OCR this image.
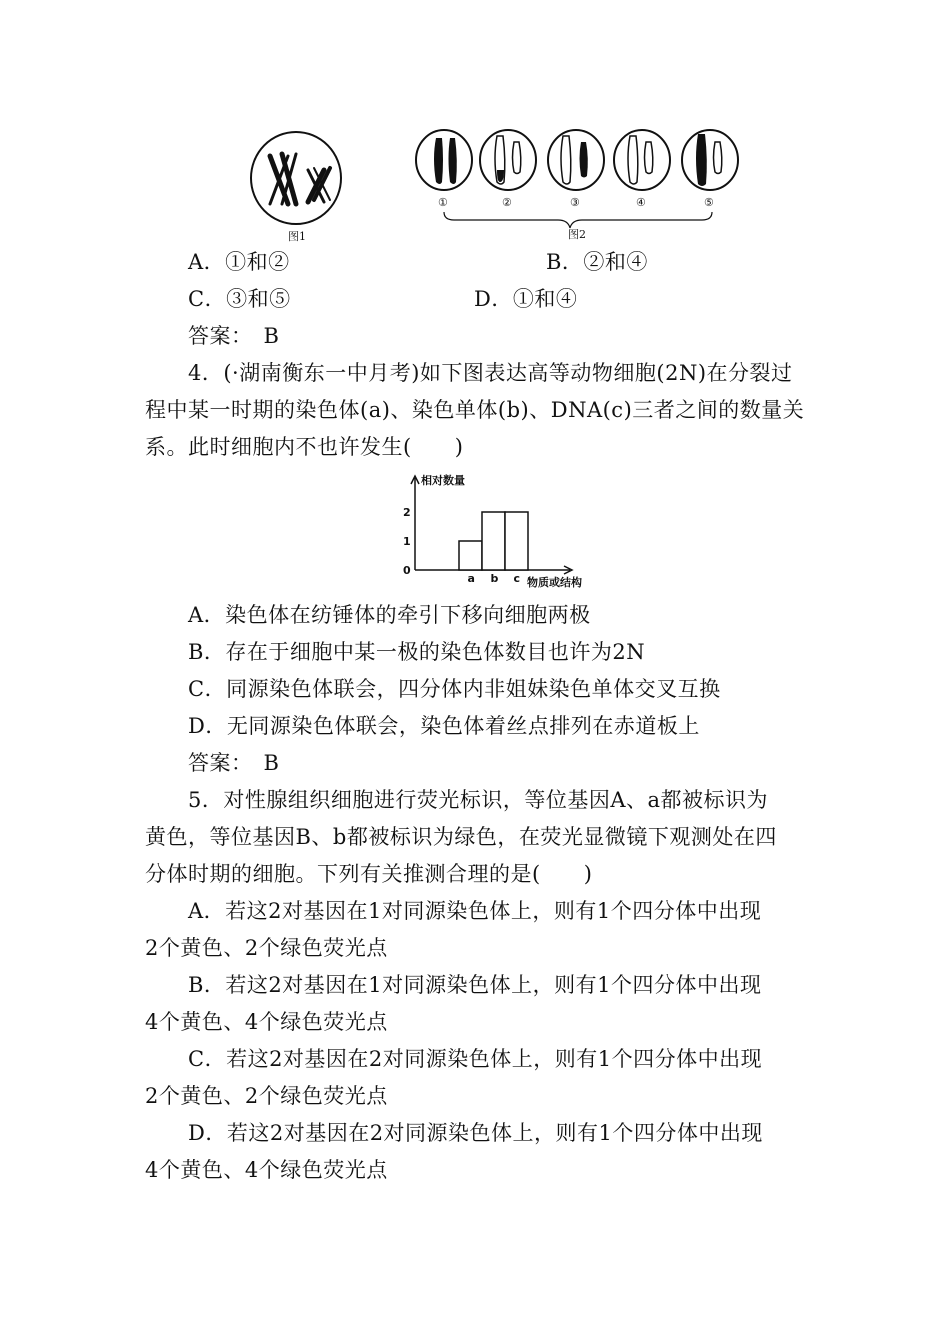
图1
①	②	③	④	⑤
图2
A．①和②	B．②和④
C．③和⑤	D．①和④
答案：　B
4．(·湖南衡东一中月考)如下图表达高等动物细胞(2N)在分裂过
程中某一时期的染色体(a)、染色单体(b)、DNA(c)三者之间的数量关
系。此时细胞内不也许发生(　　)
相对数量
物质或结构
a b c
0
1
2
A．染色体在纺锤体的牵引下移向细胞两极
B．存在于细胞中某一极的染色体数目也许为2N
C．同源染色体联会，四分体内非姐妹染色单体交叉互换
D．无同源染色体联会，染色体着丝点排列在赤道板上
答案：　B
5．对性腺组织细胞进行荧光标识，等位基因A、a都被标识为
黄色，等位基因B、b都被标识为绿色，在荧光显微镜下观测处在四
分体时期的细胞。下列有关推测合理的是(　　)
A．若这2对基因在1对同源染色体上，则有1个四分体中出现
2个黄色、2个绿色荧光点
B．若这2对基因在1对同源染色体上，则有1个四分体中出现
4个黄色、4个绿色荧光点
C．若这2对基因在2对同源染色体上，则有1个四分体中出现
2个黄色、2个绿色荧光点
D．若这2对基因在2对同源染色体上，则有1个四分体中出现
4个黄色、4个绿色荧光点
